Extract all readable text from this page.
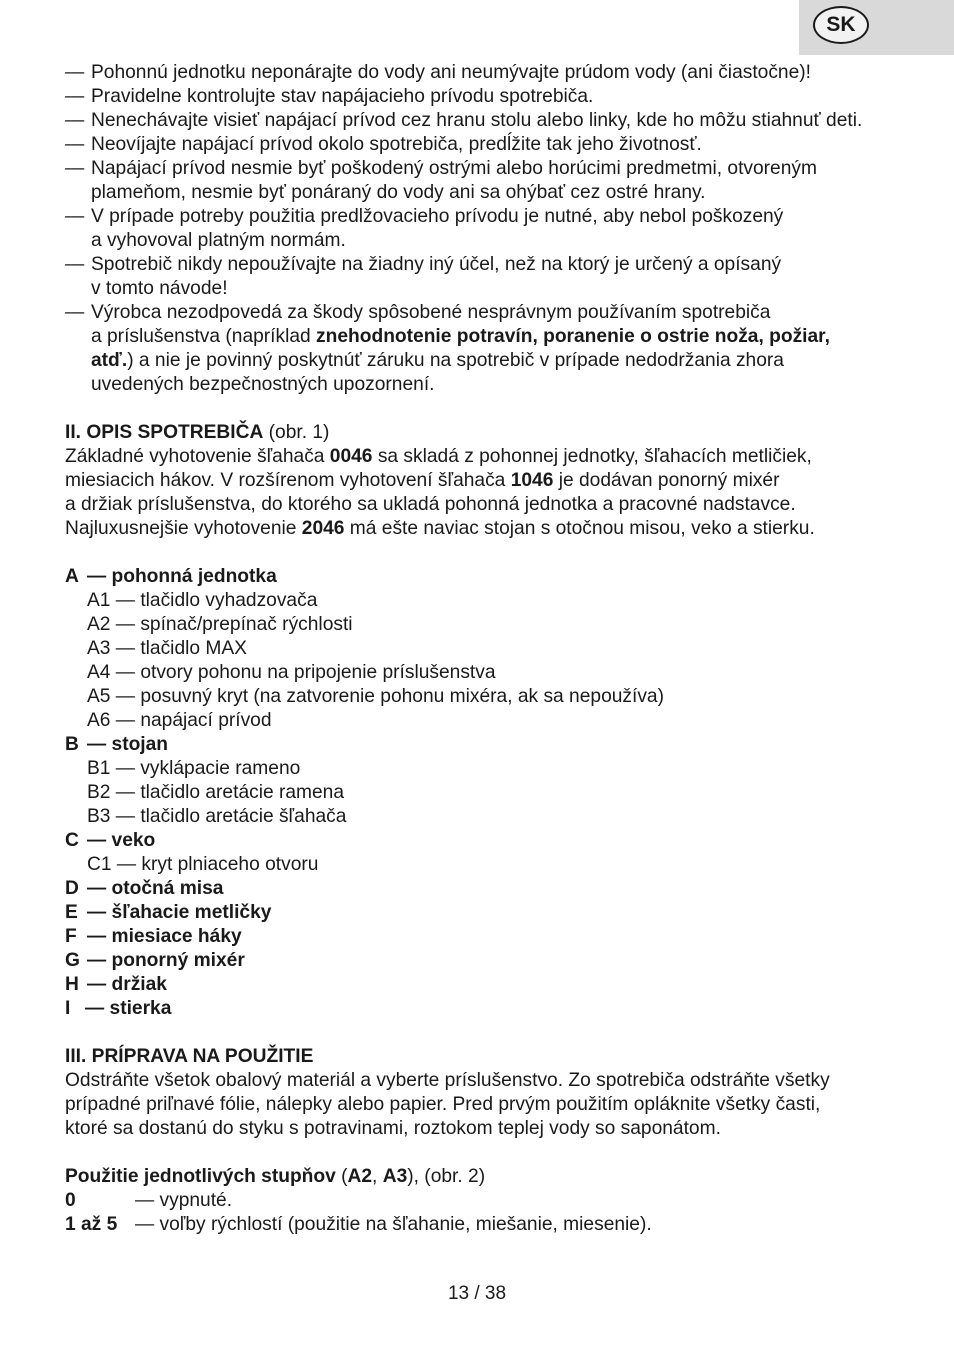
SK
— Pohonnú jednotku neponárajte do vody ani neumývajte prúdom vody (ani čiastočne)!
— Pravidelne kontrolujte stav napájacieho prívodu spotrebiča.
— Nenechávajte visieť napájací prívod cez hranu stolu alebo linky, kde ho môžu stiahnuť deti.
— Neovíjajte napájací prívod okolo spotrebiča, predĺžite tak jeho životnosť.
— Napájací prívod nesmie byť poškodený ostrými alebo horúcimi predmetmi, otvoreným
plameňom, nesmie byť ponáraný do vody ani sa ohýbať cez ostré hrany.
— V prípade potreby použitia predlžovacieho prívodu je nutné, aby nebol poškozený
a vyhovoval platným normám.
— Spotrebič nikdy nepoužívajte na žiadny iný účel, než na ktorý je určený a opísaný
v tomto návode!
— Výrobca nezodpovedá za škody spôsobené nesprávnym používaním spotrebiča
a príslušenstva (napríklad znehodnotenie potravín, poranenie o ostrie noža, požiar,
atď.) a nie je povinný poskytnúť záruku na spotrebič v prípade nedodržania zhora
uvedených bezpečnostných upozornení.

II. OPIS SPOTREBIČA (obr. 1)

Základné vyhotovenie šľahača 0046 sa skladá z pohonnej jednotky, šľahacích metličiek,
miesiacich hákov. V rozšírenom vyhotovení šľahača 1046 je dodávan ponorný mixér
a držiak príslušenstva, do ktorého sa ukladá pohonná jednotka a pracovné nadstavce.
Najluxusnejšie vyhotovenie 2046 má ešte naviac stojan s otočnou misou, veko a stierku.

A — pohonná jednotka
A1 — tlačidlo vyhadzovača
A2 — spínač/prepínač rýchlosti
A3 — tlačidlo MAX
A4 — otvory pohonu na pripojenie príslušenstva
A5 — posuvný kryt (na zatvorenie pohonu mixéra, ak sa nepoužíva)
A6 — napájací prívod
B — stojan
B1 — vyklápacie rameno
B2 — tlačidlo aretácie ramena
B3 — tlačidlo aretácie šľahača
C — veko
C1 — kryt plniaceho otvoru
D — otočná misa
E — šľahacie metličky
F — miesiace háky
G — ponorný mixér
H — držiak
I — stierka

III. PRÍPRAVA NA POUŽITIE

Odstráňte všetok obalový materiál a vyberte príslušenstvo. Zo spotrebiča odstráňte všetky
prípadné priľnavé fólie, nálepky alebo papier. Pred prvým použitím opláknite všetky časti,
ktoré sa dostanú do styku s potravinami, roztokom teplej vody so saponátom.

Použitie jednotlivých stupňov (A2, A3), (obr. 2)

0	— vypnuté.
1 až 5 — voľby rýchlostí (použitie na šľahanie, miešanie, miesenie).
13 / 38
